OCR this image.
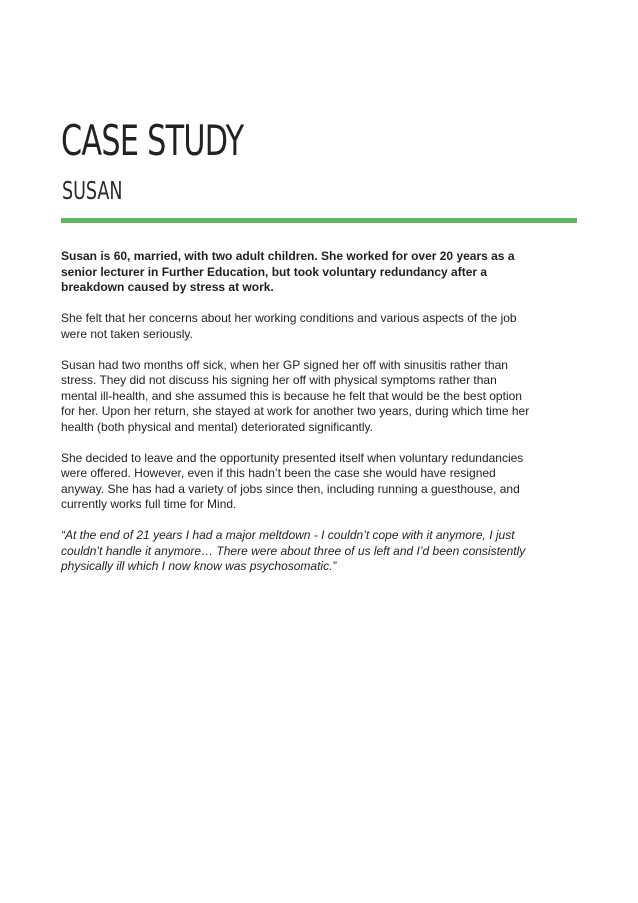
CASE STUDY
SUSAN

Susan is 60, married, with two adult children. She worked for over 20 years as a senior lecturer in Further Education, but took voluntary redundancy after a breakdown caused by stress at work.

She felt that her concerns about her working conditions and various aspects of the job were not taken seriously.

Susan had two months off sick, when her GP signed her off with sinusitis rather than stress. They did not discuss his signing her off with physical symptoms rather than mental ill-health, and she assumed this is because he felt that would be the best option for her. Upon her return, she stayed at work for another two years, during which time her health (both physical and mental) deteriorated significantly.

She decided to leave and the opportunity presented itself when voluntary redundancies were offered. However, even if this hadn’t been the case she would have resigned anyway. She has had a variety of jobs since then, including running a guesthouse, and currently works full time for Mind.

“At the end of 21 years I had a major meltdown - I couldn’t cope with it anymore, I just couldn’t handle it anymore… There were about three of us left and I’d been consistently physically ill which I now know was psychosomatic.”
